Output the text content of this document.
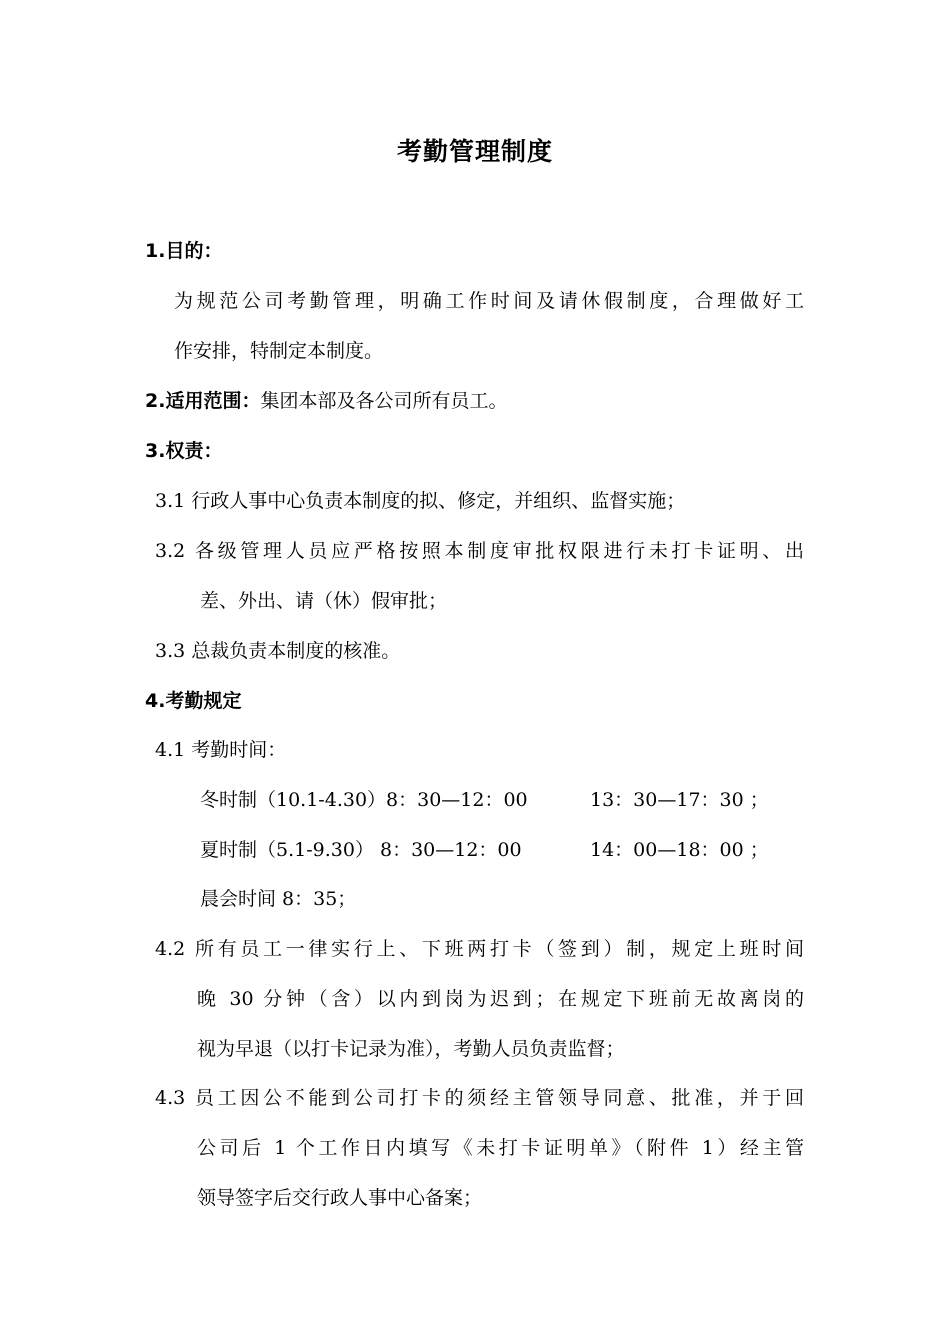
考勤管理制度
1.目的：
为规范公司考勤管理，明确工作时间及请休假制度，合理做好工
作安排，特制定本制度。
2.适用范围：集团本部及各公司所有员工。
3.权责：
3.1 行政人事中心负责本制度的拟、修定，并组织、监督实施；
3.2 各级管理人员应严格按照本制度审批权限进行未打卡证明、出
差、外出、请（休）假审批；
3.3 总裁负责本制度的核准。
4.考勤规定
4.1 考勤时间：
冬时制（10.1-4.30）8：30—12：00	13：30—17：30 ；
夏时制（5.1-9.30） 8：30—12：00	14：00—18：00 ；
晨会时间 8：35；
4.2 所有员工一律实行上、下班两打卡（签到）制，规定上班时间
晚 30 分钟（含）以内到岗为迟到；在规定下班前无故离岗的
视为早退（以打卡记录为准），考勤人员负责监督；
4.3 员工因公不能到公司打卡的须经主管领导同意、批准，并于回
公司后 1 个工作日内填写《未打卡证明单》（附件 1）经主管
领导签字后交行政人事中心备案；
